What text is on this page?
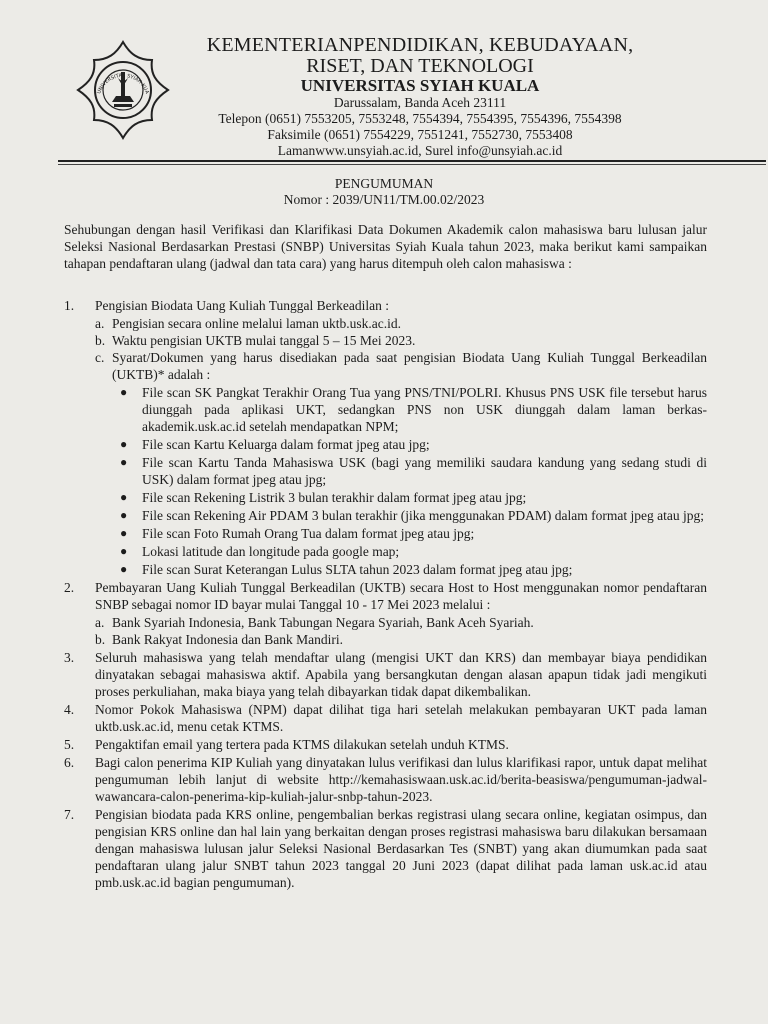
UNIVERSITAS SYIAH KUA
KEMENTERIANPENDIDIKAN, KEBUDAYAAN,
RISET, DAN TEKNOLOGI
UNIVERSITAS SYIAH KUALA
Darussalam, Banda Aceh 23111
Telepon (0651) 7553205, 7553248, 7554394, 7554395, 7554396, 7554398
Faksimile (0651) 7554229, 7551241, 7552730, 7553408
Lamanwww.unsyiah.ac.id, Surel info@unsyiah.ac.id
PENGUMUMAN
Nomor : 2039/UN11/TM.00.02/2023
Sehubungan dengan hasil Verifikasi dan Klarifikasi Data Dokumen Akademik calon mahasiswa baru lulusan jalur Seleksi Nasional Berdasarkan Prestasi (SNBP) Universitas Syiah Kuala tahun 2023, maka berikut kami sampaikan tahapan pendaftaran ulang (jadwal dan tata cara) yang harus ditempuh oleh calon mahasiswa :
1. Pengisian Biodata Uang Kuliah Tunggal Berkeadilan :
a. Pengisian secara online melalui laman uktb.usk.ac.id.
b. Waktu pengisian UKTB mulai tanggal 5 – 15 Mei 2023.
c. Syarat/Dokumen yang harus disediakan pada saat pengisian Biodata Uang Kuliah Tunggal Berkeadilan (UKTB)* adalah :
● File scan SK Pangkat Terakhir Orang Tua yang PNS/TNI/POLRI. Khusus PNS USK file tersebut harus diunggah pada aplikasi UKT, sedangkan PNS non USK diunggah dalam laman berkas-akademik.usk.ac.id setelah mendapatkan NPM;
● File scan Kartu Keluarga dalam format jpeg atau jpg;
● File scan Kartu Tanda Mahasiswa USK (bagi yang memiliki saudara kandung yang sedang studi di USK) dalam format jpeg atau jpg;
● File scan Rekening Listrik 3 bulan terakhir dalam format jpeg atau jpg;
● File scan Rekening Air PDAM 3 bulan terakhir (jika menggunakan PDAM) dalam format jpeg atau jpg;
● File scan Foto Rumah Orang Tua dalam format jpeg atau jpg;
● Lokasi latitude dan longitude pada google map;
● File scan Surat Keterangan Lulus SLTA tahun 2023 dalam format jpeg atau jpg;
2. Pembayaran Uang Kuliah Tunggal Berkeadilan (UKTB) secara Host to Host menggunakan nomor pendaftaran SNBP sebagai nomor ID bayar mulai Tanggal 10 - 17 Mei 2023 melalui :
a. Bank Syariah Indonesia, Bank Tabungan Negara Syariah, Bank Aceh Syariah.
b. Bank Rakyat Indonesia dan Bank Mandiri.
3. Seluruh mahasiswa yang telah mendaftar ulang (mengisi UKT dan KRS) dan membayar biaya pendidikan dinyatakan sebagai mahasiswa aktif. Apabila yang bersangkutan dengan alasan apapun tidak jadi mengikuti proses perkuliahan, maka biaya yang telah dibayarkan tidak dapat dikembalikan.
4. Nomor Pokok Mahasiswa (NPM) dapat dilihat tiga hari setelah melakukan pembayaran UKT pada laman uktb.usk.ac.id, menu cetak KTMS.
5. Pengaktifan email yang tertera pada KTMS dilakukan setelah unduh KTMS.
6. Bagi calon penerima KIP Kuliah yang dinyatakan lulus verifikasi dan lulus klarifikasi rapor, untuk dapat melihat pengumuman lebih lanjut di website http://kemahasiswaan.usk.ac.id/berita-beasiswa/pengumuman-jadwal-wawancara-calon-penerima-kip-kuliah-jalur-snbp-tahun-2023.
7. Pengisian biodata pada KRS online, pengembalian berkas registrasi ulang secara online, kegiatan osimpus, dan pengisian KRS online dan hal lain yang berkaitan dengan proses registrasi mahasiswa baru dilakukan bersamaan dengan mahasiswa lulusan jalur Seleksi Nasional Berdasarkan Tes (SNBT) yang akan diumumkan pada saat pendaftaran ulang jalur SNBT tahun 2023 tanggal 20 Juni 2023 (dapat dilihat pada laman usk.ac.id atau pmb.usk.ac.id bagian pengumuman).
